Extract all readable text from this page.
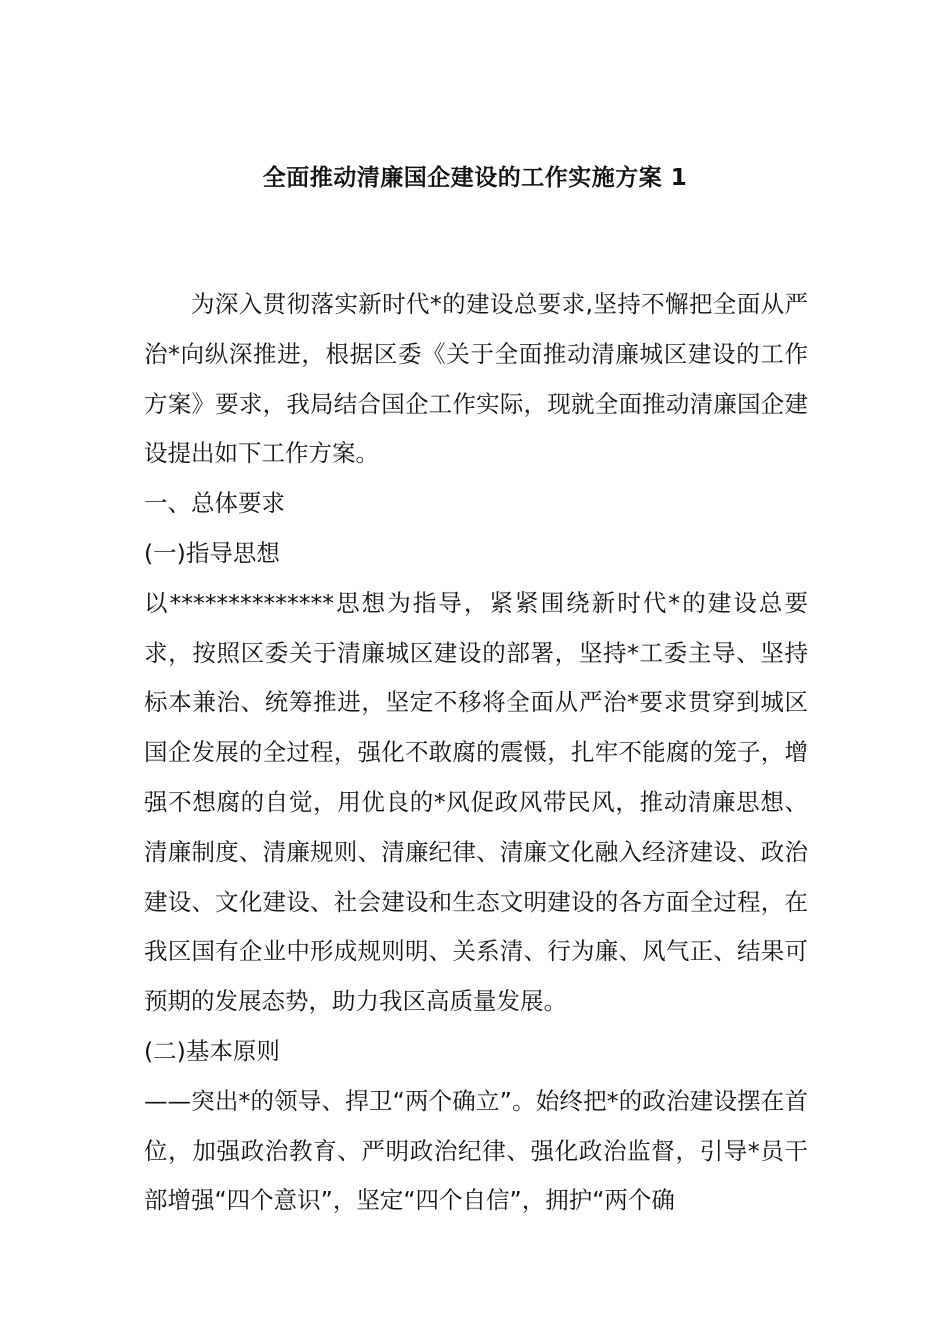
全面推动清廉国企建设的工作实施方案 1

为深入贯彻落实新时代*的建设总要求,坚持不懈把全面从严治*向纵深推进，根据区委《关于全面推动清廉城区建设的工作方案》要求，我局结合国企工作实际，现就全面推动清廉国企建设提出如下工作方案。

一、总体要求

(一)指导思想

以**************思想为指导，紧紧围绕新时代*的建设总要求，按照区委关于清廉城区建设的部署，坚持*工委主导、坚持标本兼治、统筹推进，坚定不移将全面从严治*要求贯穿到城区国企发展的全过程，强化不敢腐的震慑，扎牢不能腐的笼子，增强不想腐的自觉，用优良的*风促政风带民风，推动清廉思想、清廉制度、清廉规则、清廉纪律、清廉文化融入经济建设、政治建设、文化建设、社会建设和生态文明建设的各方面全过程，在我区国有企业中形成规则明、关系清、行为廉、风气正、结果可预期的发展态势，助力我区高质量发展。

(二)基本原则

——突出*的领导、捍卫“两个确立”。始终把*的政治建设摆在首位，加强政治教育、严明政治纪律、强化政治监督，引导*员干部增强“四个意识”，坚定“四个自信”，拥护“两个确
